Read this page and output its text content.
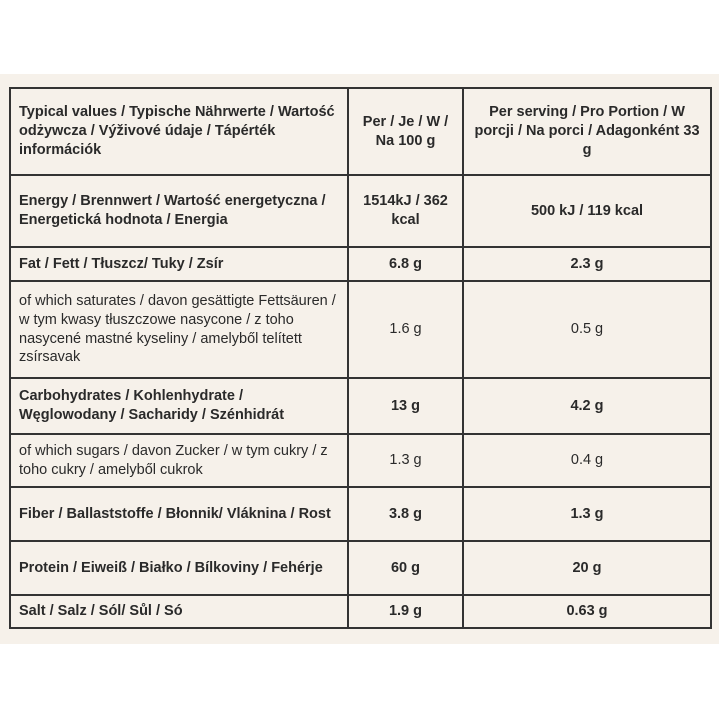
Typical values / Typische Nährwerte / Wartość odżywcza / Výživové údaje / Tápérték információk	Per / Je / W / Na 100 g	Per serving / Pro Portion / W porcji / Na porci / Adagonként 33 g
Energy / Brennwert / Wartość energetyczna / Energetická hodnota / Energia	1514kJ / 362 kcal	500 kJ / 119 kcal
Fat / Fett / Tłuszcz/ Tuky / Zsír	6.8 g	2.3 g
of which saturates / davon gesättigte Fettsäuren / w tym kwasy tłuszczowe nasycone / z toho nasycené mastné kyseliny / amelyből telített zsírsavak	1.6 g	0.5 g
Carbohydrates / Kohlenhydrate / Węglowodany / Sacharidy / Szénhidrát	13 g	4.2 g
of which sugars / davon Zucker / w tym cukry / z toho cukry / amelyből cukrok	1.3 g	0.4 g
Fiber / Ballaststoffe / Błonnik/ Vláknina / Rost	3.8 g	1.3 g
Protein / Eiweiß / Białko / Bílkoviny / Fehérje	60 g	20 g
Salt / Salz / Sól/ Sůl / Só	1.9 g	0.63 g
